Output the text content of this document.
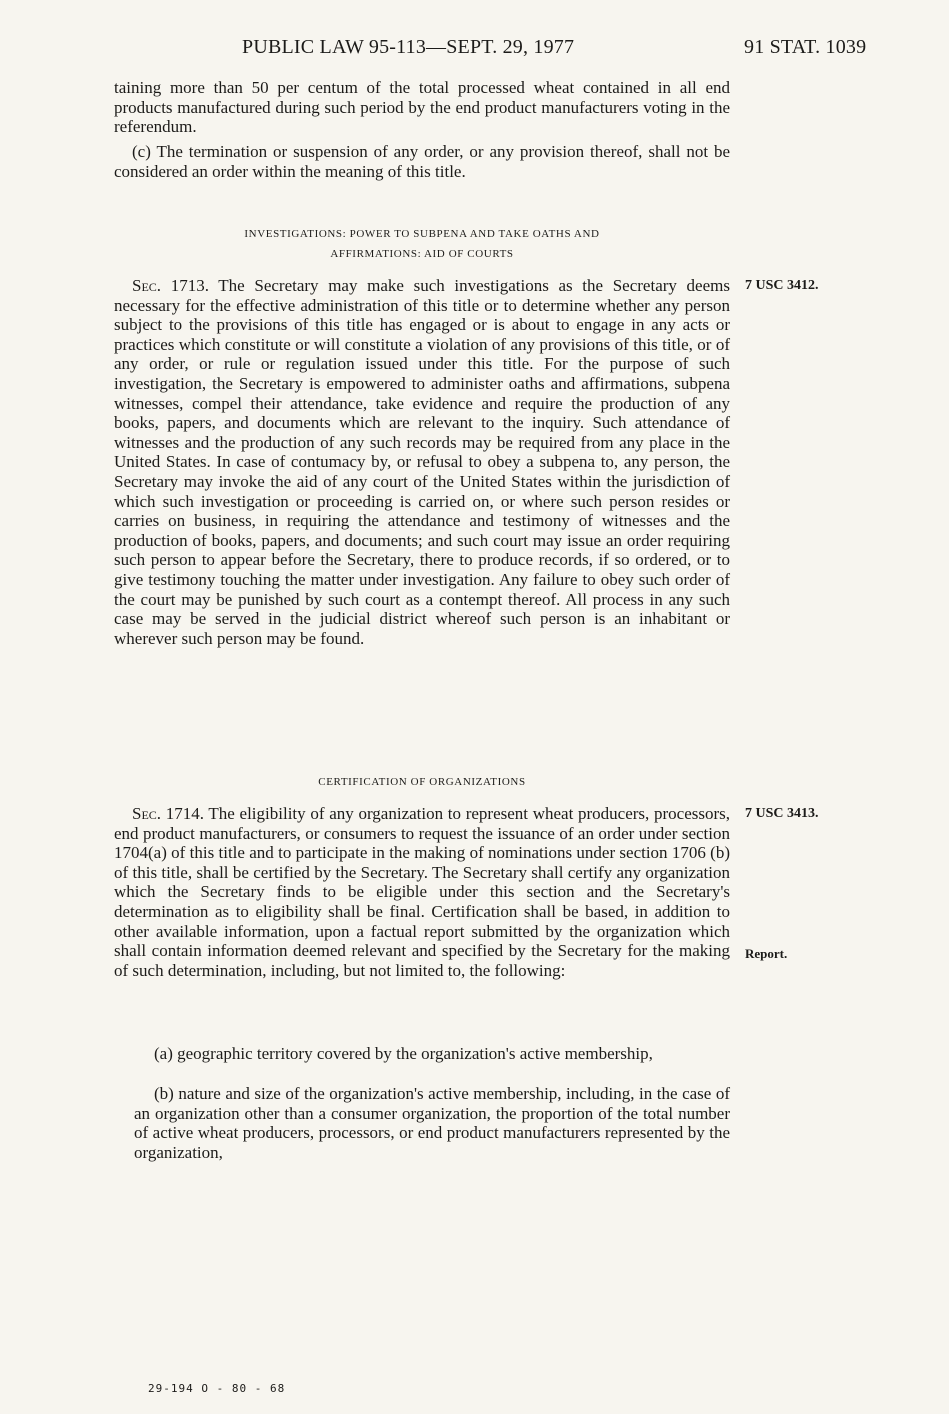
PUBLIC LAW 95-113—SEPT. 29, 1977	91 STAT. 1039

taining more than 50 per centum of the total processed wheat contained in all end products manufactured during such period by the end product manufacturers voting in the referendum.

(c) The termination or suspension of any order, or any provision thereof, shall not be considered an order within the meaning of this title.

INVESTIGATIONS: POWER TO SUBPENA AND TAKE OATHS AND
AFFIRMATIONS: AID OF COURTS

Sec. 1713. The Secretary may make such investigations as the Secretary deems necessary for the effective administration of this title or to determine whether any person subject to the provisions of this title has engaged or is about to engage in any acts or practices which constitute or will constitute a violation of any provisions of this title, or of any order, or rule or regulation issued under this title. For the purpose of such investigation, the Secretary is empowered to administer oaths and affirmations, subpena witnesses, compel their attendance, take evidence and require the production of any books, papers, and documents which are relevant to the inquiry. Such attendance of witnesses and the production of any such records may be required from any place in the United States. In case of contumacy by, or refusal to obey a subpena to, any person, the Secretary may invoke the aid of any court of the United States within the jurisdiction of which such investigation or proceeding is carried on, or where such person resides or carries on business, in requiring the attendance and testimony of witnesses and the production of books, papers, and documents; and such court may issue an order requiring such person to appear before the Secretary, there to produce records, if so ordered, or to give testimony touching the matter under investigation. Any failure to obey such order of the court may be punished by such court as a contempt thereof. All process in any such case may be served in the judicial district whereof such person is an inhabitant or wherever such person may be found.

7 USC 3412.
CERTIFICATION OF ORGANIZATIONS

Sec. 1714. The eligibility of any organization to represent wheat producers, processors, end product manufacturers, or consumers to request the issuance of an order under section 1704(a) of this title and to participate in the making of nominations under section 1706 (b) of this title, shall be certified by the Secretary. The Secretary shall certify any organization which the Secretary finds to be eligible under this section and the Secretary's determination as to eligibility shall be final. Certification shall be based, in addition to other available information, upon a factual report submitted by the organization which shall contain information deemed relevant and specified by the Secretary for the making of such determination, including, but not limited to, the following:

7 USC 3413.
Report.

(a) geographic territory covered by the organization's active membership,

(b) nature and size of the organization's active membership, including, in the case of an organization other than a consumer organization, the proportion of the total number of active wheat producers, processors, or end product manufacturers represented by the organization,

29-194 O - 80 - 68
